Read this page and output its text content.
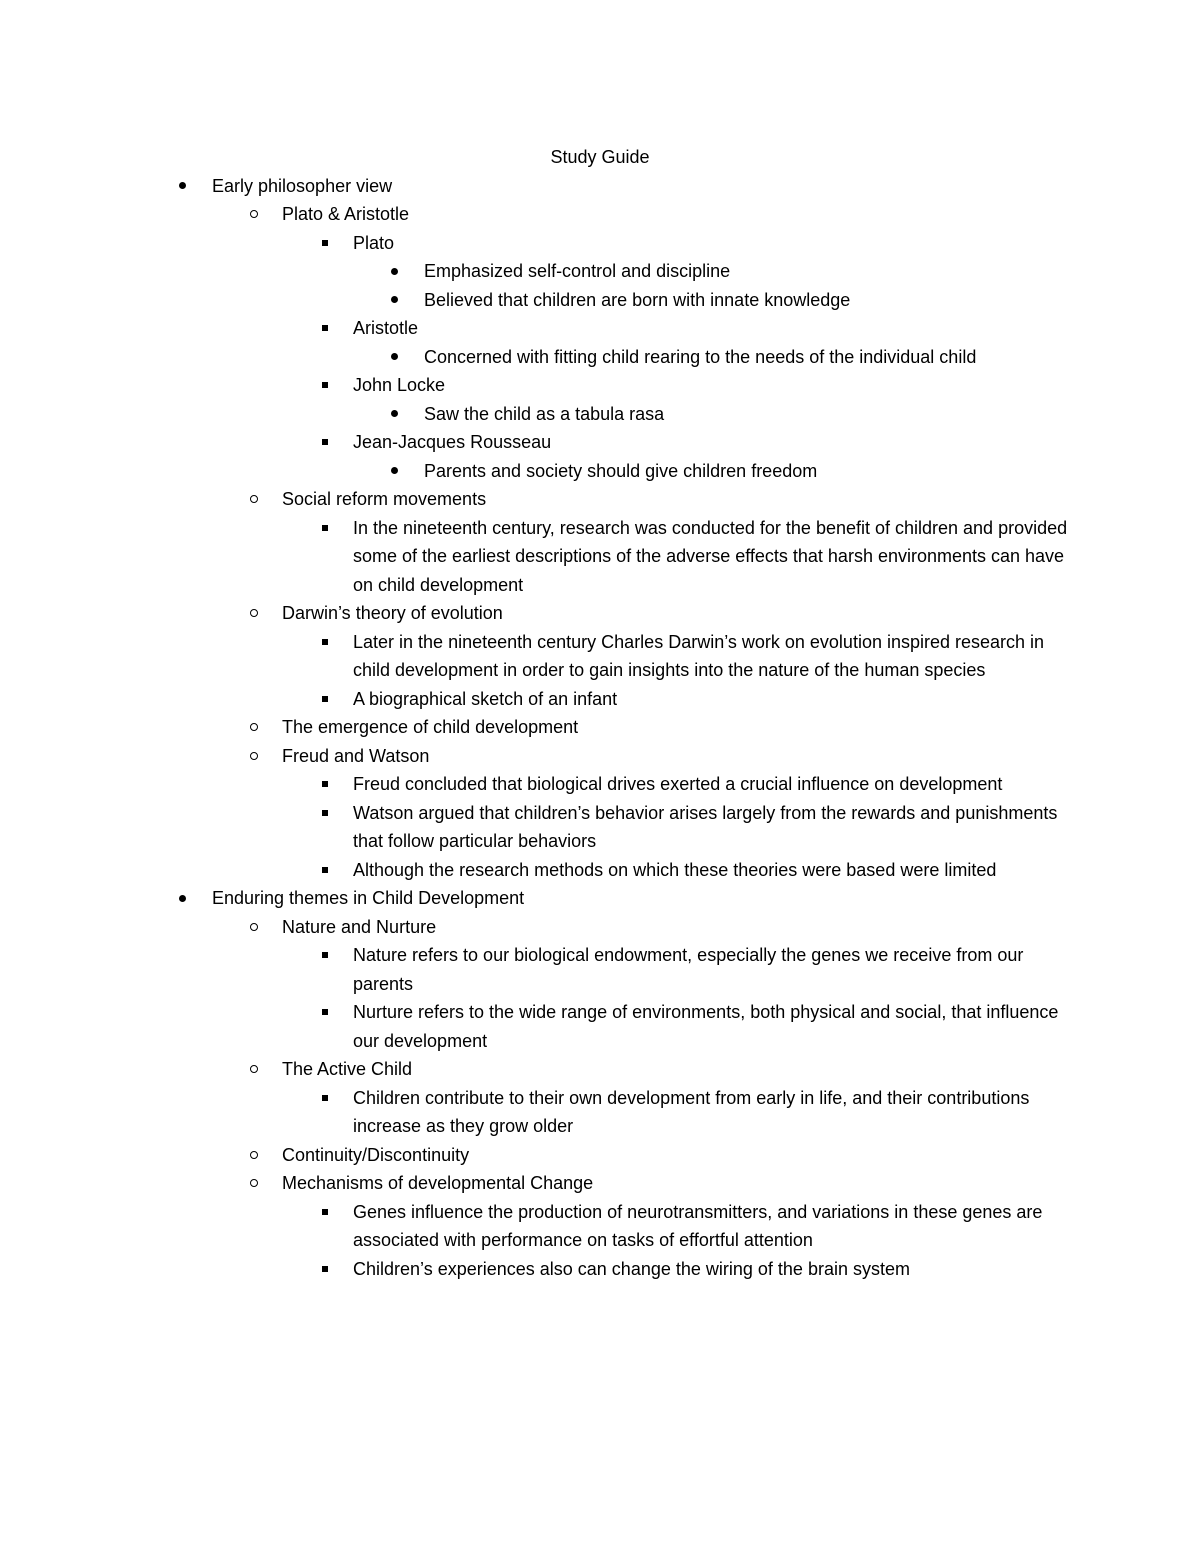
Study Guide
Early philosopher view
Plato & Aristotle
Plato
Emphasized self-control and discipline
Believed that children are born with innate knowledge
Aristotle
Concerned with fitting child rearing to the needs of the individual child
John Locke
Saw the child as a tabula rasa
Jean-Jacques Rousseau
Parents and society should give children freedom
Social reform movements
In the nineteenth century, research was conducted for the benefit of children and provided some of the earliest descriptions of the adverse effects that harsh environments can have on child development
Darwin’s theory of evolution
Later in the nineteenth century Charles Darwin’s work on evolution inspired research in child development in order to gain insights into the nature of the human species
A biographical sketch of an infant
The emergence of child development
Freud and Watson
Freud concluded that biological drives exerted a crucial influence on development
Watson argued that children’s behavior arises largely from the rewards and punishments that follow particular behaviors
Although the research methods on which these theories were based were limited
Enduring themes in Child Development
Nature and Nurture
Nature refers to our biological endowment, especially the genes we receive from our parents
Nurture refers to the wide range of environments, both physical and social, that influence our development
The Active Child
Children contribute to their own development from early in life, and their contributions increase as they grow older
Continuity/Discontinuity
Mechanisms of developmental Change
Genes influence the production of neurotransmitters, and variations in these genes are associated with performance on tasks of effortful attention
Children’s experiences also can change the wiring of the brain system
